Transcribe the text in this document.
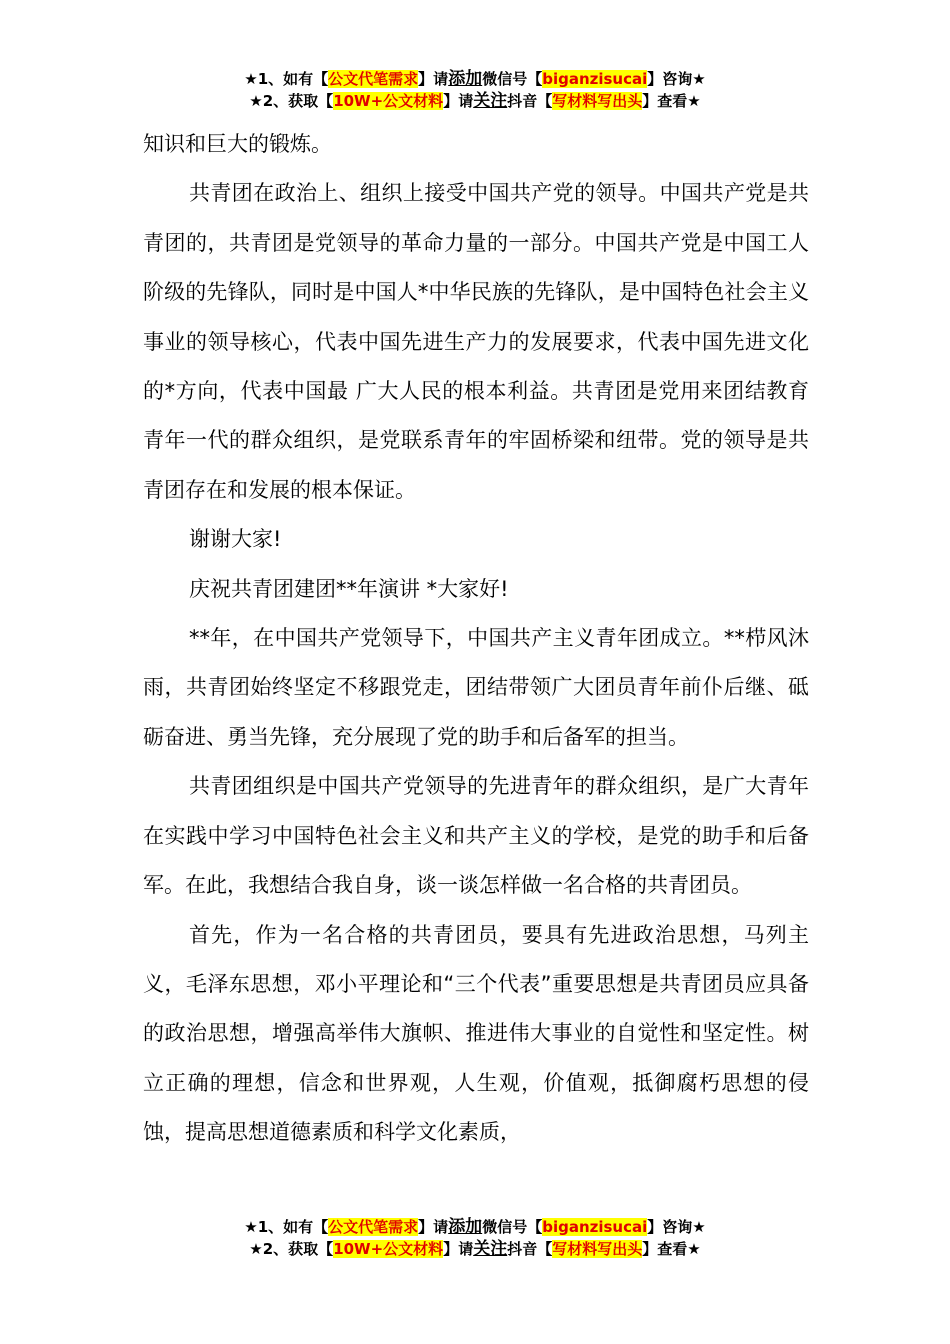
★1、如有【公文代笔需求】请添加微信号【biganzisucai】咨询★
★2、获取【10W+公文材料】请关注抖音【写材料写出头】查看★

知识和巨大的锻炼。

共青团在政治上、组织上接受中国共产党的领导。中国共产党是共青团的，共青团是党领导的革命力量的一部分。中国共产党是中国工人阶级的先锋队，同时是中国人*中华民族的先锋队，是中国特色社会主义事业的领导核心，代表中国先进生产力的发展要求，代表中国先进文化的*方向，代表中国最 广大人民的根本利益。共青团是党用来团结教育青年一代的群众组织，是党联系青年的牢固桥梁和纽带。党的领导是共青团存在和发展的根本保证。

谢谢大家!

庆祝共青团建团**年演讲 *大家好!

**年，在中国共产党领导下，中国共产主义青年团成立。**栉风沐雨，共青团始终坚定不移跟党走，团结带领广大团员青年前仆后继、砥砺奋进、勇当先锋，充分展现了党的助手和后备军的担当。

共青团组织是中国共产党领导的先进青年的群众组织，是广大青年在实践中学习中国特色社会主义和共产主义的学校，是党的助手和后备军。在此，我想结合我自身，谈一谈怎样做一名合格的共青团员。

首先，作为一名合格的共青团员，要具有先进政治思想，马列主义，毛泽东思想，邓小平理论和“三个代表”重要思想是共青团员应具备的政治思想，增强高举伟大旗帜、推进伟大事业的自觉性和坚定性。树立正确的理想，信念和世界观，人生观，价值观，抵御腐朽思想的侵蚀，提高思想道德素质和科学文化素质，

★1、如有【公文代笔需求】请添加微信号【biganzisucai】咨询★
★2、获取【10W+公文材料】请关注抖音【写材料写出头】查看★
